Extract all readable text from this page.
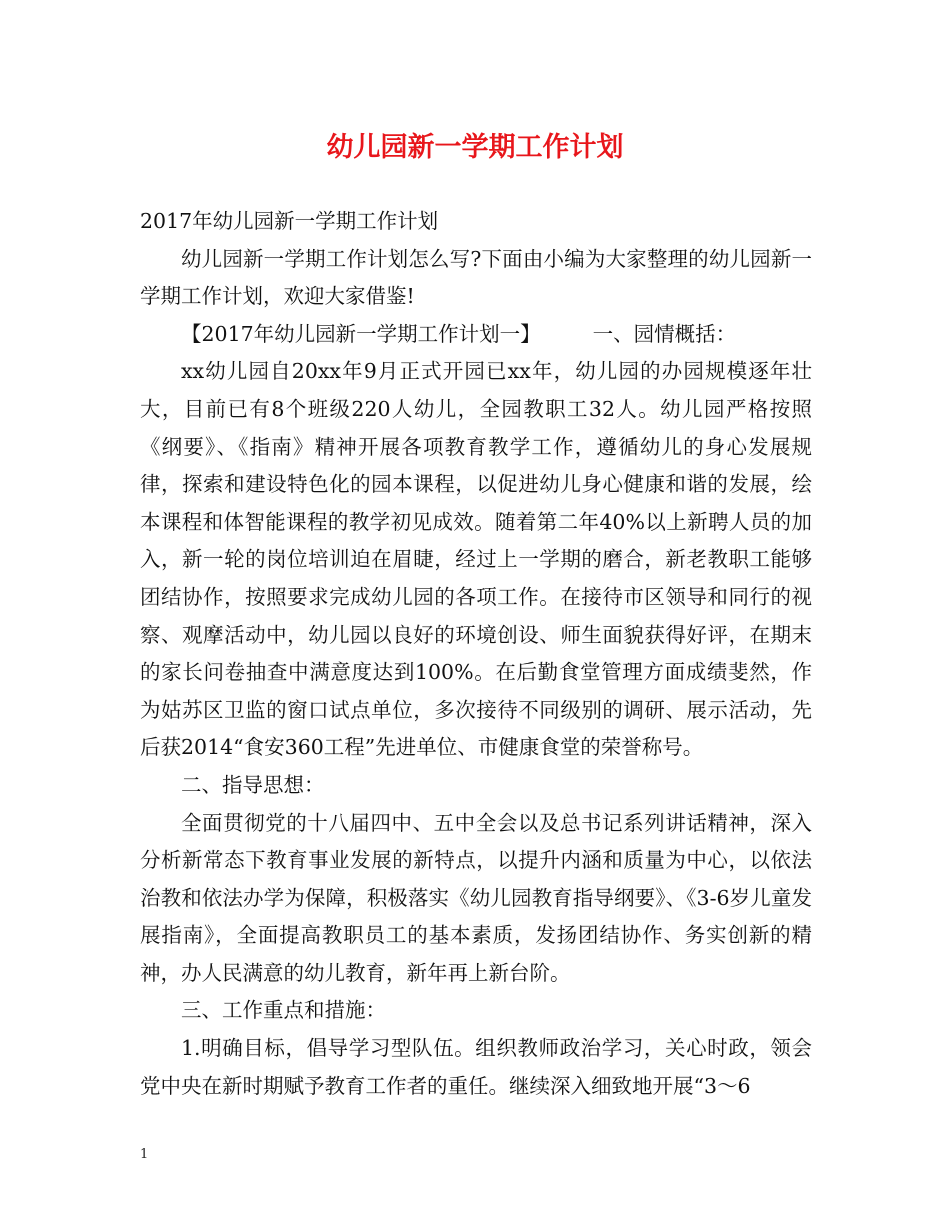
幼儿园新一学期工作计划

2017年幼儿园新一学期工作计划

幼儿园新一学期工作计划怎么写?下面由小编为大家整理的幼儿园新一学期工作计划，欢迎大家借鉴!

【2017年幼儿园新一学期工作计划一】	一、园情概括：

xx幼儿园自20xx年9月正式开园已xx年，幼儿园的办园规模逐年壮大，目前已有8个班级220人幼儿，全园教职工32人。幼儿园严格按照《纲要》、《指南》精神开展各项教育教学工作，遵循幼儿的身心发展规律，探索和建设特色化的园本课程，以促进幼儿身心健康和谐的发展，绘本课程和体智能课程的教学初见成效。随着第二年40%以上新聘人员的加入，新一轮的岗位培训迫在眉睫，经过上一学期的磨合，新老教职工能够团结协作，按照要求完成幼儿园的各项工作。在接待市区领导和同行的视察、观摩活动中，幼儿园以良好的环境创设、师生面貌获得好评，在期末的家长问卷抽查中满意度达到100%。在后勤食堂管理方面成绩斐然，作为姑苏区卫监的窗口试点单位，多次接待不同级别的调研、展示活动，先后获2014“食安360工程”先进单位、市健康食堂的荣誉称号。

二、指导思想：

全面贯彻党的十八届四中、五中全会以及总书记系列讲话精神，深入分析新常态下教育事业发展的新特点，以提升内涵和质量为中心，以依法治教和依法办学为保障，积极落实《幼儿园教育指导纲要》、《3-6岁儿童发展指南》，全面提高教职员工的基本素质，发扬团结协作、务实创新的精神，办人民满意的幼儿教育，新年再上新台阶。

三、工作重点和措施：

1.明确目标，倡导学习型队伍。组织教师政治学习，关心时政，领会党中央在新时期赋予教育工作者的重任。继续深入细致地开展“3～6

1
